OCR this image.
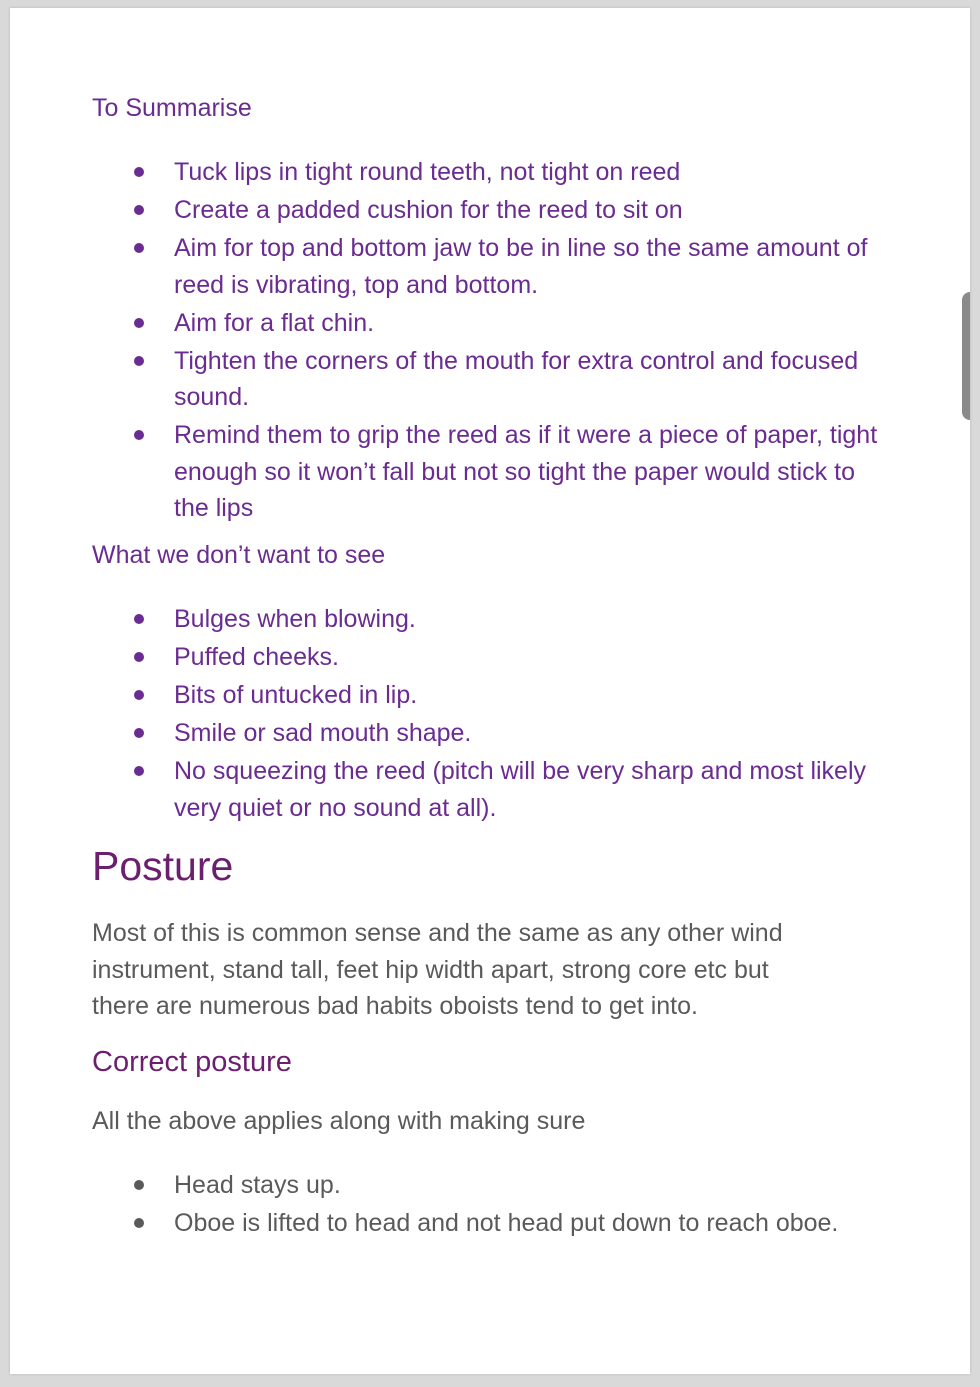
To Summarise
Tuck lips in tight round teeth, not tight on reed
Create a padded cushion for the reed to sit on
Aim for top and bottom jaw to be in line so the same amount of reed is vibrating, top and bottom.
Aim for a flat chin.
Tighten the corners of the mouth for extra control and focused sound.
Remind them to grip the reed as if it were a piece of paper, tight enough so it won’t fall but not so tight the paper would stick to the lips
What we don’t want to see
Bulges when blowing.
Puffed cheeks.
Bits of untucked in lip.
Smile or sad mouth shape.
No squeezing the reed (pitch will be very sharp and most likely very quiet or no sound at all).
Posture
Most of this is common sense and the same as any other wind instrument, stand tall, feet hip width apart, strong core etc but there are numerous bad habits oboists tend to get into.
Correct posture
All the above applies along with making sure
Head stays up.
Oboe is lifted to head and not head put down to reach oboe.
